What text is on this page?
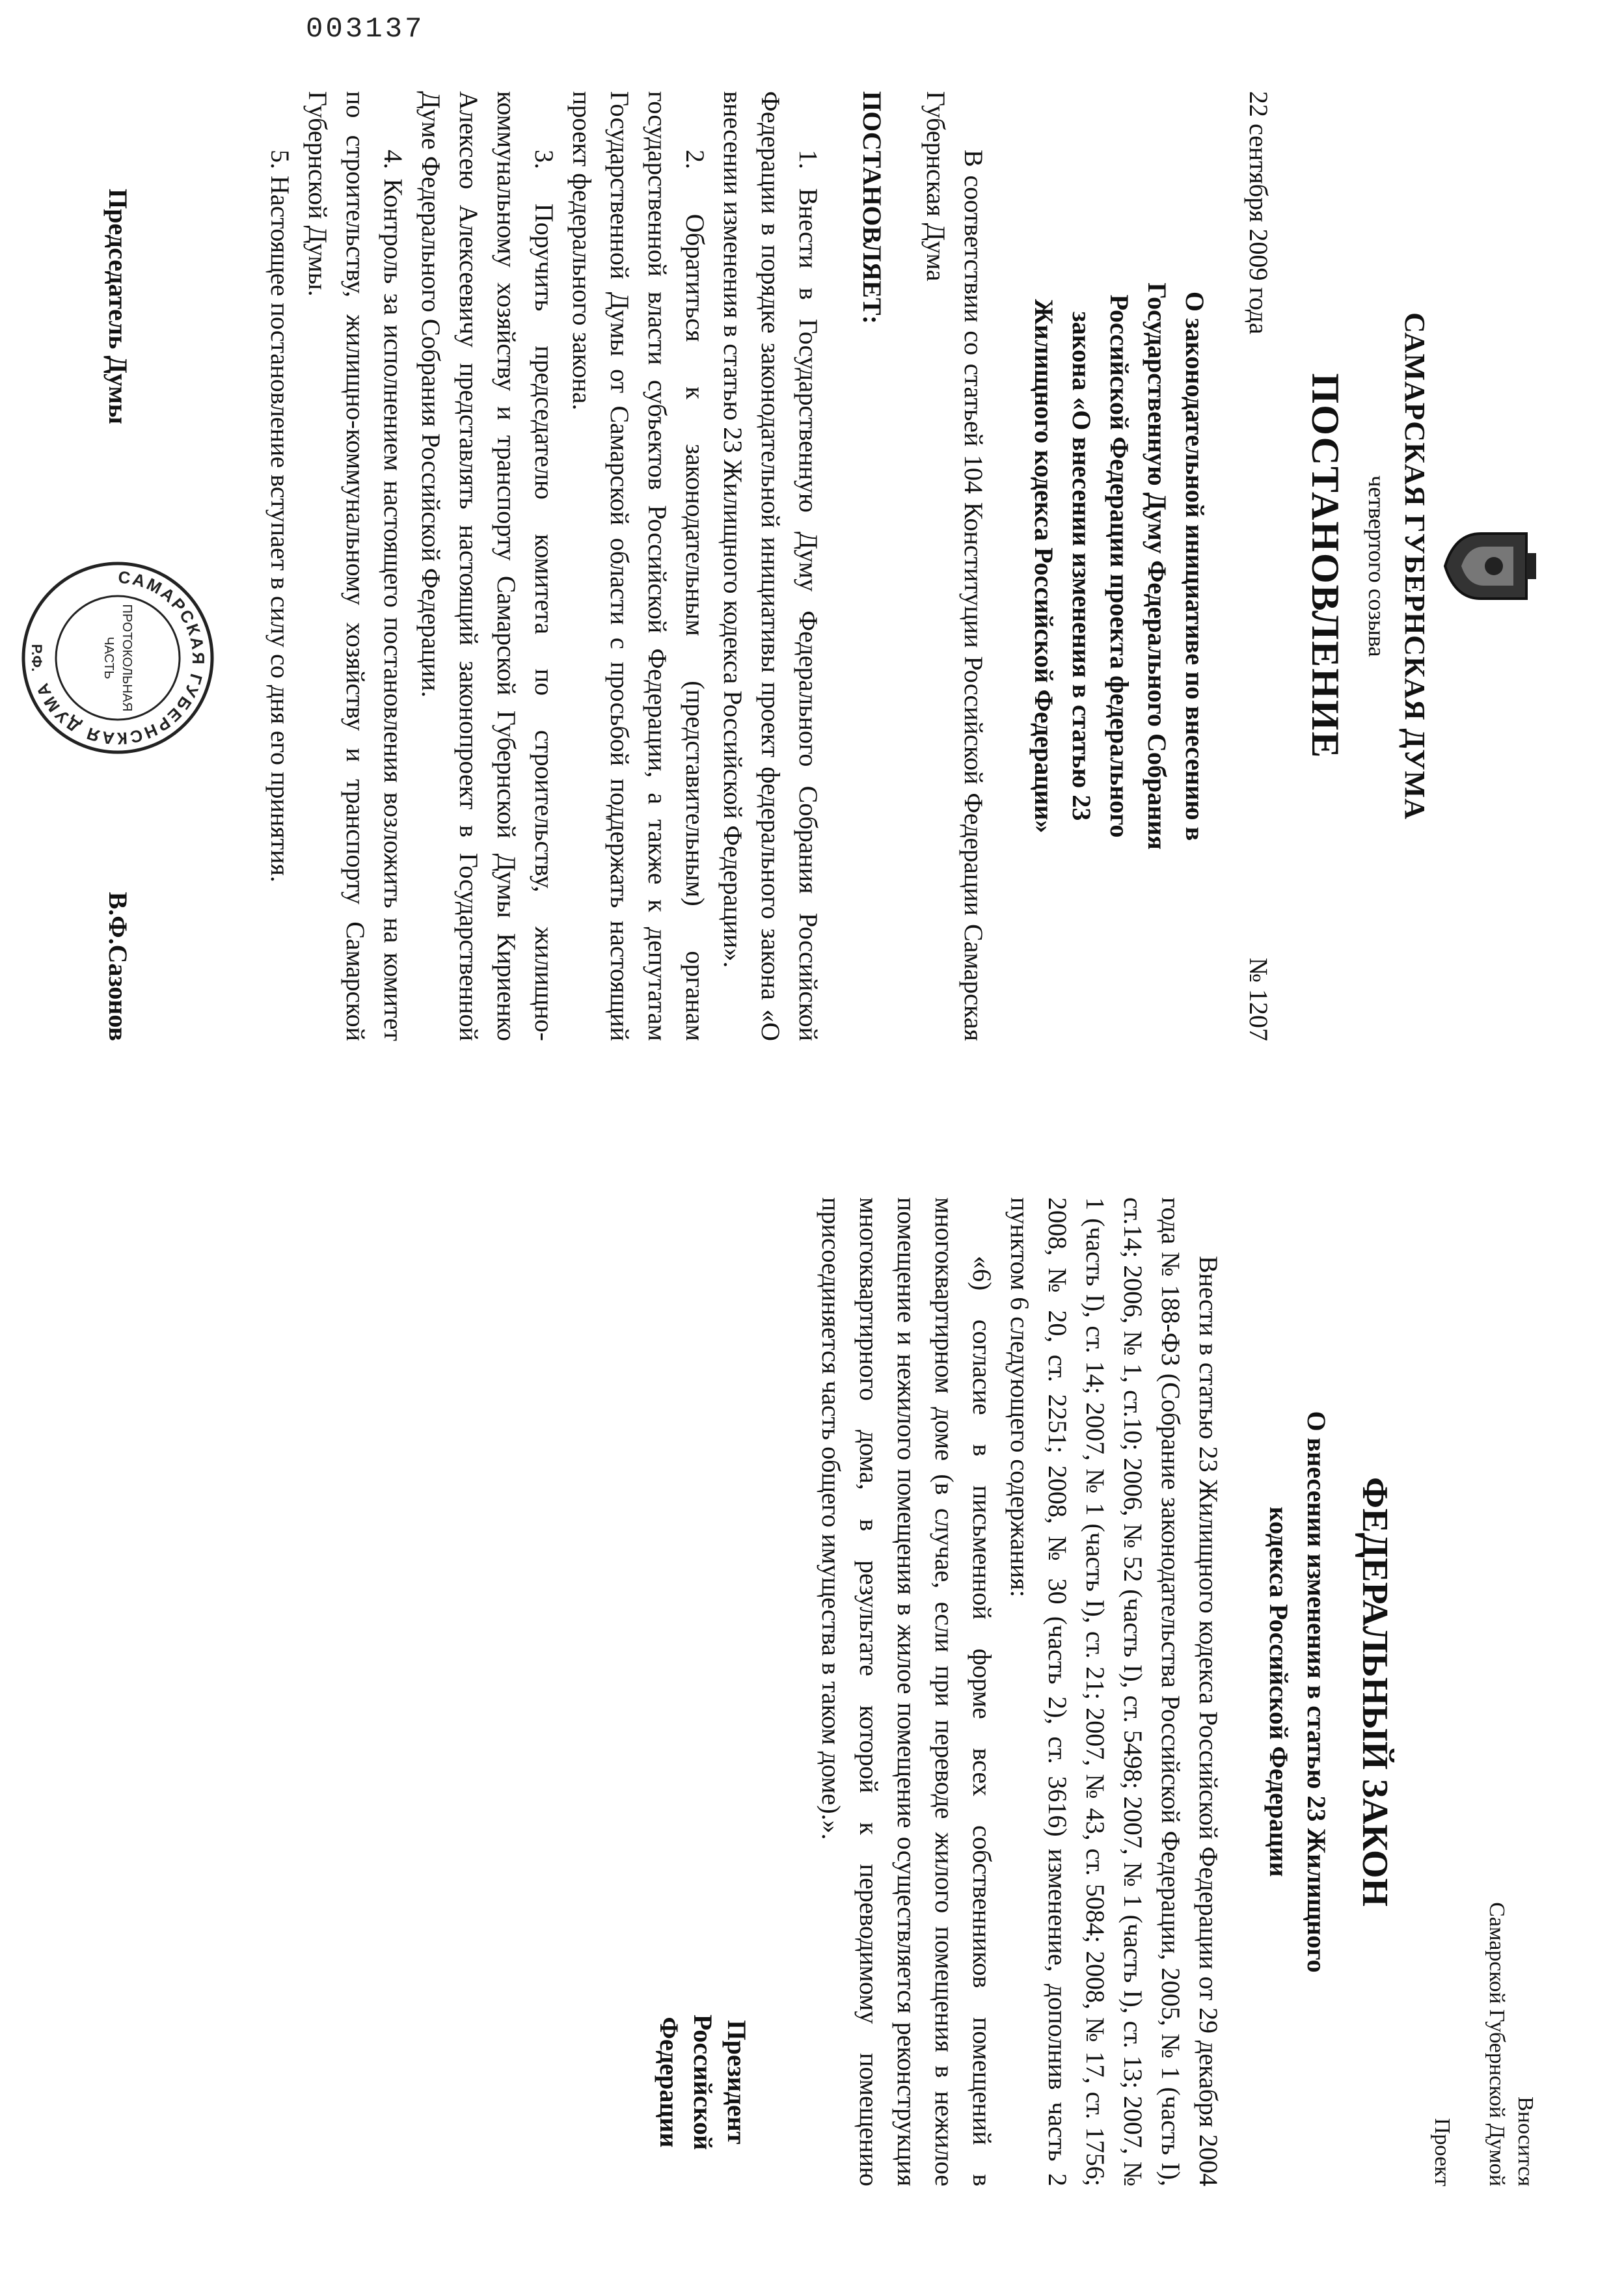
003137
САМАРСКАЯ ГУБЕРНСКАЯ ДУМА
четвертого созыва
ПОСТАНОВЛЕНИЕ
22 сентября 2009 года
№ 1207
О законодательной инициативе по внесению в Государственную Думу Федерального Собрания Российской Федерации проекта федерального закона «О внесении изменения в статью 23 Жилищного кодекса Российской Федерации»

В соответствии со статьей 104 Конституции Российской Федерации Самарская Губернская Дума

ПОСТАНОВЛЯЕТ:

1. Внести в Государственную Думу Федерального Собрания Российской Федерации в порядке законодательной инициативы проект федерального закона «О внесении изменения в статью 23 Жилищного кодекса Российской Федерации».

2. Обратиться к законодательным (представительным) органам государственной власти субъектов Российской Федерации, а также к депутатам Государственной Думы от Самарской области с просьбой поддержать настоящий проект федерального закона.

3. Поручить председателю комитета по строительству, жилищно-коммунальному хозяйству и транспорту Самарской Губернской Думы Кириенко Алексею Алексеевичу представлять настоящий законопроект в Государственной Думе Федерального Собрания Российской Федерации.

4. Контроль за исполнением настоящего постановления возложить на комитет по строительству, жилищно-коммунальному хозяйству и транспорту Самарской Губернской Думы.

5. Настоящее постановление вступает в силу со дня его принятия.

Председатель Думы
САМАРСКАЯ ГУБЕРНСКАЯ ДУМА	ПРОТОКОЛЬНАЯ
ЧАСТЬ
Р.Ф.
В.Ф.Сазонов
Вносится
Самарской Губернской Думой
Проект
ФЕДЕРАЛЬНЫЙ ЗАКОН
О внесении изменения в статью 23 Жилищного кодекса Российской Федерации

Внести в статью 23 Жилищного кодекса Российской Федерации от 29 декабря 2004 года № 188-ФЗ (Собрание законодательства Российской Федерации, 2005, № 1 (часть I), ст.14; 2006, № 1, ст.10; 2006, № 52 (часть I), ст. 5498; 2007, № 1 (часть I), ст. 13; 2007, № 1 (часть I), ст. 14; 2007, № 1 (часть I), ст. 21; 2007, № 43, ст. 5084; 2008, № 17, ст. 1756; 2008, № 20, ст. 2251; 2008, № 30 (часть 2), ст. 3616) изменение, дополнив часть 2 пунктом 6 следующего содержания:

«6) согласие в письменной форме всех собственников помещений в многоквартирном доме (в случае, если при переводе жилого помещения в нежилое помещение и нежилого помещения в жилое помещение осуществляется реконструкция многоквартирного дома, в результате которой к переводимому помещению присоединяется часть общего имущества в таком доме).».

Президент
Российской Федерации
